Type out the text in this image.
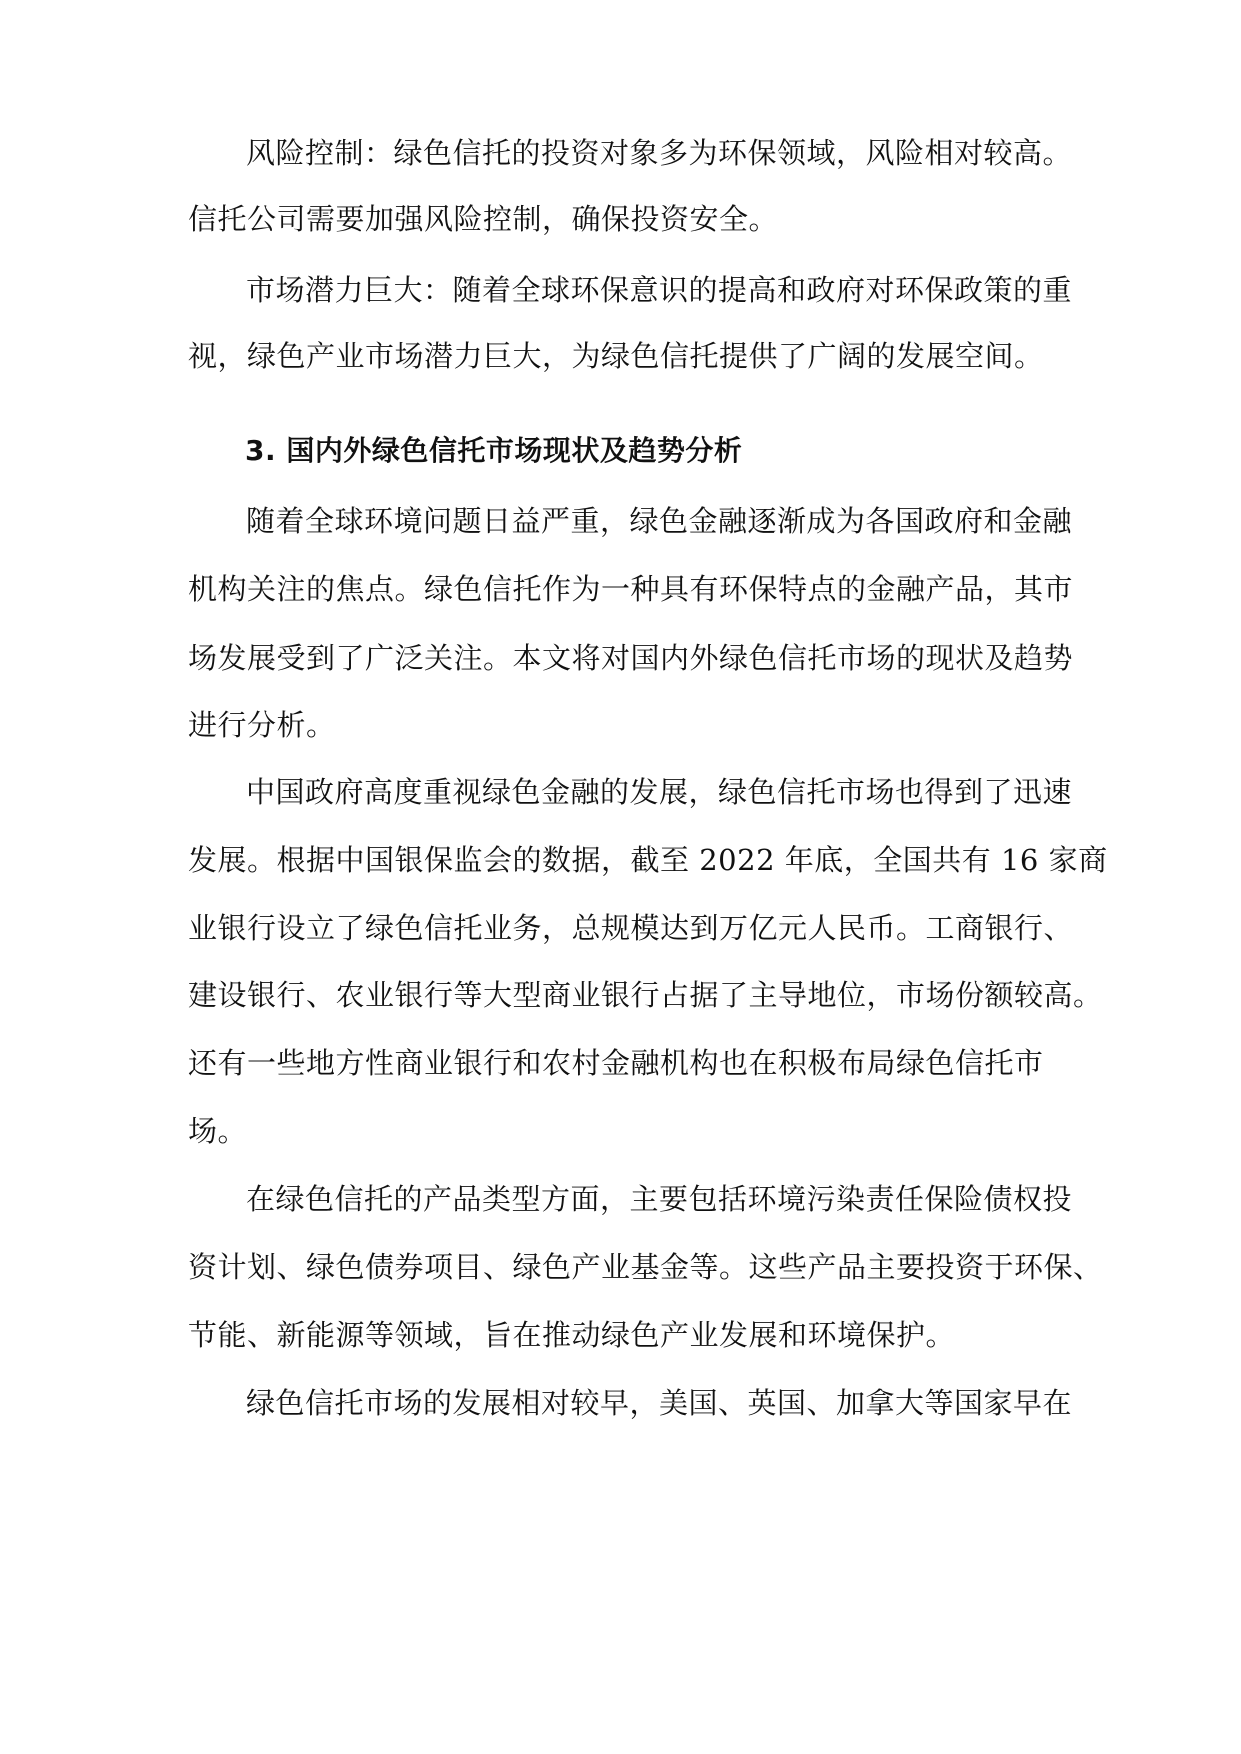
风险控制：绿色信托的投资对象多为环保领域，风险相对较高。
信托公司需要加强风险控制，确保投资安全。
市场潜力巨大：随着全球环保意识的提高和政府对环保政策的重
视，绿色产业市场潜力巨大，为绿色信托提供了广阔的发展空间。
3. 国内外绿色信托市场现状及趋势分析
随着全球环境问题日益严重，绿色金融逐渐成为各国政府和金融
机构关注的焦点。绿色信托作为一种具有环保特点的金融产品，其市
场发展受到了广泛关注。本文将对国内外绿色信托市场的现状及趋势
进行分析。
中国政府高度重视绿色金融的发展，绿色信托市场也得到了迅速
发展。根据中国银保监会的数据，截至 2022 年底，全国共有 16 家商
业银行设立了绿色信托业务，总规模达到万亿元人民币。工商银行、
建设银行、农业银行等大型商业银行占据了主导地位，市场份额较高。
还有一些地方性商业银行和农村金融机构也在积极布局绿色信托市
场。
在绿色信托的产品类型方面，主要包括环境污染责任保险债权投
资计划、绿色债券项目、绿色产业基金等。这些产品主要投资于环保、
节能、新能源等领域，旨在推动绿色产业发展和环境保护。
绿色信托市场的发展相对较早，美国、英国、加拿大等国家早在
